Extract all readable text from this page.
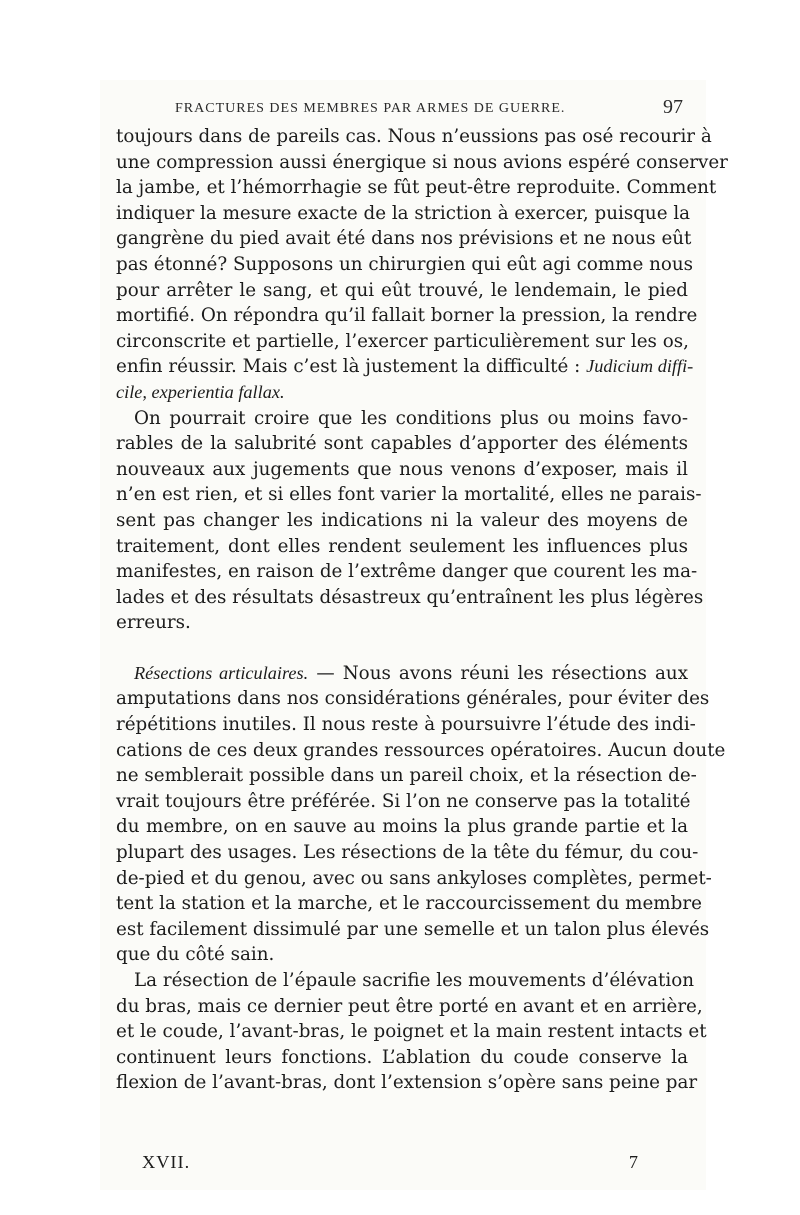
FRACTURES DES MEMBRES PAR ARMES DE GUERRE.	97
toujours dans de pareils cas. Nous n’eussions pas osé recourir à
une compression aussi énergique si nous avions espéré conserver
la jambe, et l’hémorrhagie se fût peut-être reproduite. Comment
indiquer la mesure exacte de la striction à exercer, puisque la
gangrène du pied avait été dans nos prévisions et ne nous eût
pas étonné? Supposons un chirurgien qui eût agi comme nous
pour arrêter le sang, et qui eût trouvé, le lendemain, le pied
mortifié. On répondra qu’il fallait borner la pression, la rendre
circonscrite et partielle, l’exercer particulièrement sur les os,
enfin réussir. Mais c’est là justement la difficulté : Judicium diffi-
cile, experientia fallax.
On pourrait croire que les conditions plus ou moins favo-
rables de la salubrité sont capables d’apporter des éléments
nouveaux aux jugements que nous venons d’exposer, mais il
n’en est rien, et si elles font varier la mortalité, elles ne parais-
sent pas changer les indications ni la valeur des moyens de
traitement, dont elles rendent seulement les influences plus
manifestes, en raison de l’extrême danger que courent les ma-
lades et des résultats désastreux qu’entraînent les plus légères
erreurs.
Résections articulaires. — Nous avons réuni les résections aux
amputations dans nos considérations générales, pour éviter des
répétitions inutiles. Il nous reste à poursuivre l’étude des indi-
cations de ces deux grandes ressources opératoires. Aucun doute
ne semblerait possible dans un pareil choix, et la résection de-
vrait toujours être préférée. Si l’on ne conserve pas la totalité
du membre, on en sauve au moins la plus grande partie et la
plupart des usages. Les résections de la tête du fémur, du cou-
de-pied et du genou, avec ou sans ankyloses complètes, permet-
tent la station et la marche, et le raccourcissement du membre
est facilement dissimulé par une semelle et un talon plus élevés
que du côté sain.
La résection de l’épaule sacrifie les mouvements d’élévation
du bras, mais ce dernier peut être porté en avant et en arrière,
et le coude, l’avant-bras, le poignet et la main restent intacts et
continuent leurs fonctions. L’ablation du coude conserve la
flexion de l’avant-bras, dont l’extension s’opère sans peine par
XVII.	7
